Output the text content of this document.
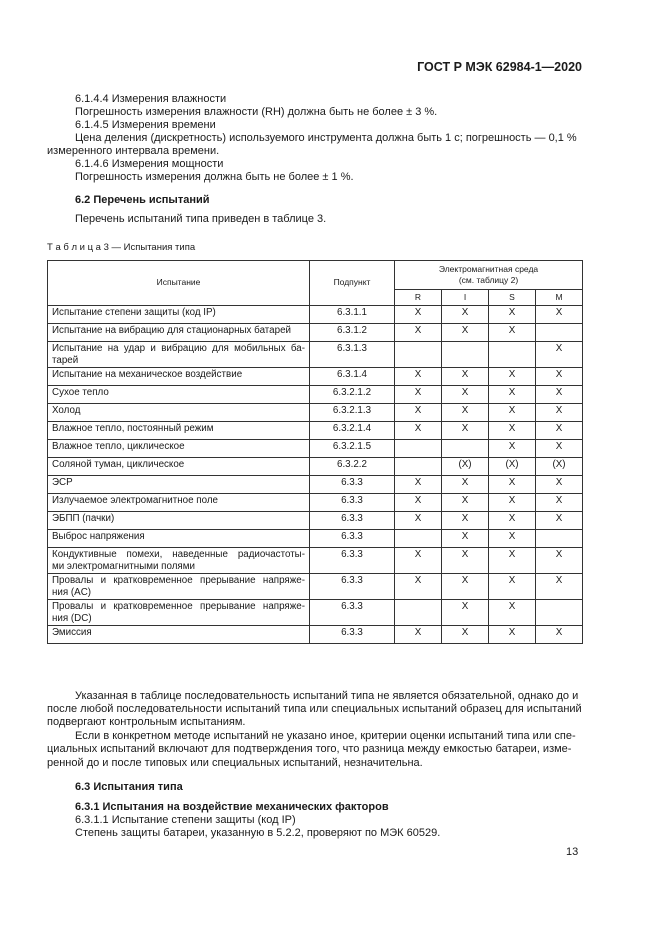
ГОСТ Р МЭК 62984-1—2020
6.1.4.4 Измерения влажности
Погрешность измерения влажности (RH) должна быть не более ± 3 %.
6.1.4.5 Измерения времени
Цена деления (дискретность) используемого инструмента должна быть 1 с; погрешность — 0,1 %
измеренного интервала времени.
6.1.4.6 Измерения мощности
Погрешность измерения должна быть не более ± 1 %.
6.2 Перечень испытаний
Перечень испытаний типа приведен в таблице 3.
Т а б л и ц а 3 — Испытания типа
Испытание	Подпункт	Электромагнитная среда
(см. таблицу 2)			

		R	I	S	M

Испытание степени защиты (код IP)	6.3.1.1	X	X	X	X

Испытание на вибрацию для стационарных батарей	6.3.1.2	X	X	X	

Испытание на удар и вибрацию для мобильных ба-
тарей	6.3.1.3				X

Испытание на механическое воздействие	6.3.1.4	X	X	X	X

Сухое тепло	6.3.2.1.2	X	X	X	X

Холод	6.3.2.1.3	X	X	X	X

Влажное тепло, постоянный режим	6.3.2.1.4	X	X	X	X

Влажное тепло, циклическое	6.3.2.1.5			X	X

Соляной туман, циклическое	6.3.2.2		(X)	(X)	(X)

ЭСР	6.3.3	X	X	X	X

Излучаемое электромагнитное поле	6.3.3	X	X	X	X

ЭБПП (пачки)	6.3.3	X	X	X	X

Выброс напряжения	6.3.3		X	X	

Кондуктивные помехи, наведенные радиочастоты-
ми электромагнитными полями	6.3.3	X	X	X	X

Провалы и кратковременное прерывание напряже-
ния (AC)	6.3.3	X	X	X	X

Провалы и кратковременное прерывание напряже-
ния (DC)	6.3.3		X	X	

Эмиссия	6.3.3	X	X	X	X
Указанная в таблице последовательность испытаний типа не является обязательной, однако до и
после любой последовательности испытаний типа или специальных испытаний образец для испытаний
подвергают контрольным испытаниям.
Если в конкретном методе испытаний не указано иное, критерии оценки испытаний типа или спе-
циальных испытаний включают для подтверждения того, что разница между емкостью батареи, изме-
ренной до и после типовых или специальных испытаний, незначительна.
6.3 Испытания типа
6.3.1 Испытания на воздействие механических факторов
6.3.1.1 Испытание степени защиты (код IP)
Степень защиты батареи, указанную в 5.2.2, проверяют по МЭК 60529.
13
